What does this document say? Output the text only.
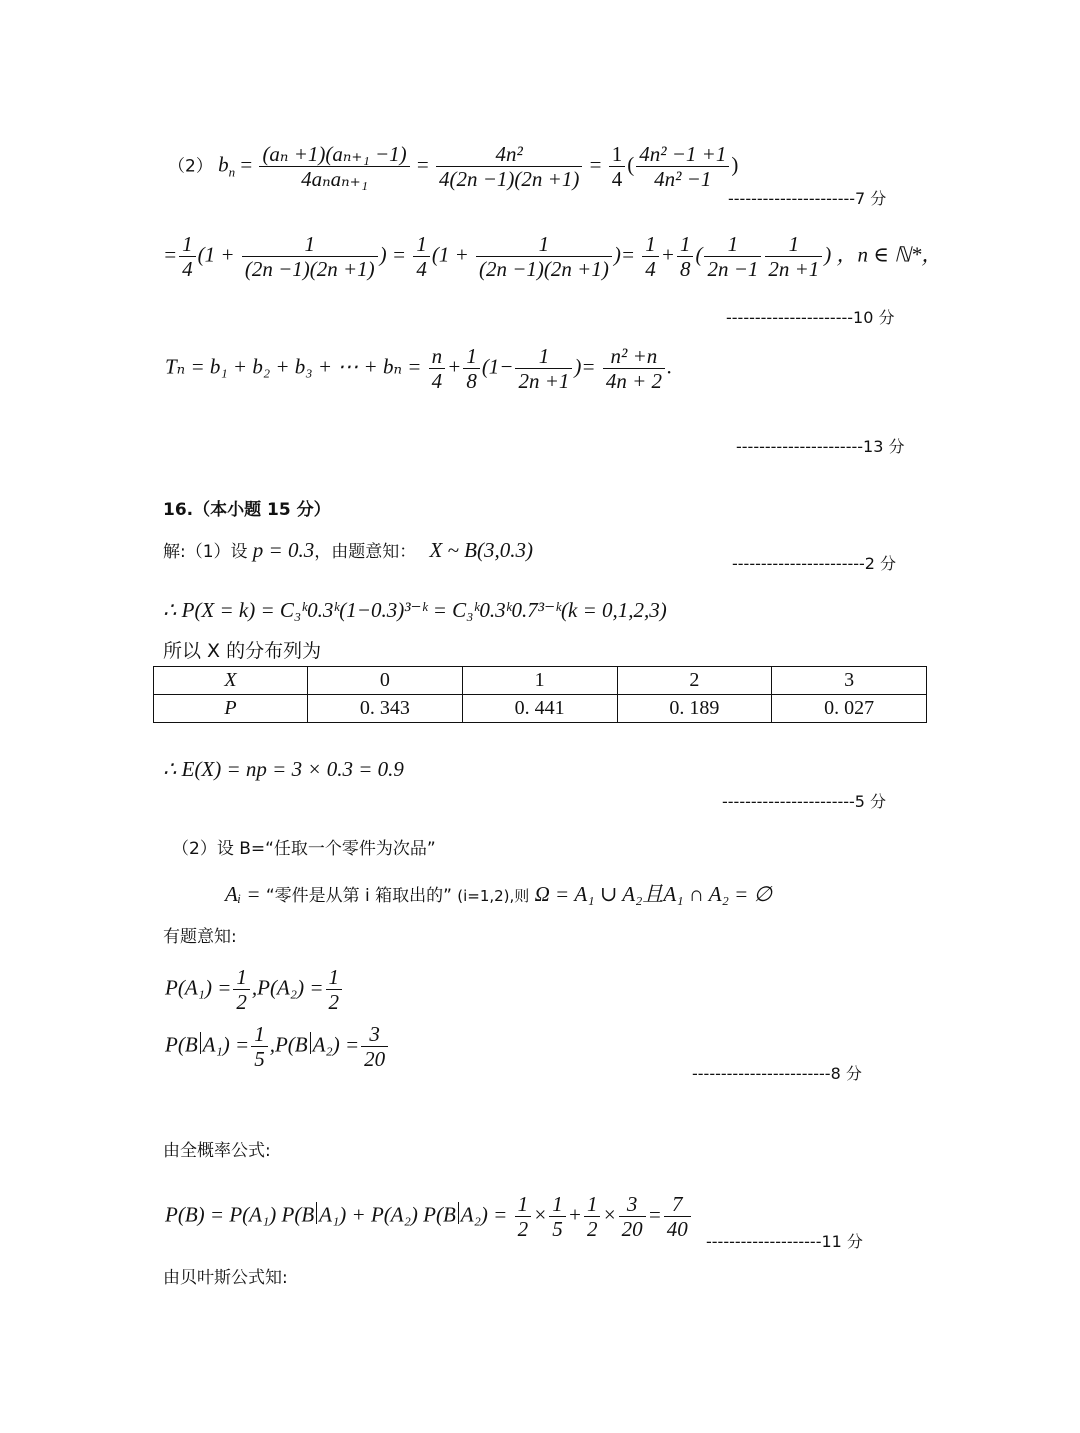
（2） $b_n = \frac{\text{(aₙ +1)(aₙ₊₁ −1)}}{\text{4aₙaₙ₊₁}} = \frac{\text{4n²}}{4(2n -1)(2n +1)} = \frac{1}{4}$ ( $\frac{\text{4n² −1 +1}}{\text{4n² −1}}$ )
----------------------7 分
= $\frac{1}{4} (1 + \frac{1}{(2n -1)(2n +1)}$ ) = $\frac{1}{4} (1 + \frac{1}{(2n -1)(2n +1)}$ )= $\frac{1}{4} + \frac{1}{8}$ ( $\frac{1}{2n -1} \frac{1}{2n +1}$ ) ，n ∈ ℕ*，
----------------------10 分
Tₙ = b₁ + b₂ + b₃ + ⋯ + $b_n = \frac{n}{4} + \frac{1}{8} (1- \frac{1}{2n +1}$ )= $\frac{\text{n² +n}}{4n + 2}$ .
----------------------13 分
16.（本小题 15 分）
解:（1）设 p = 0.3，由题意知： X ~ B(3,0.3)
-----------------------2 分
∴ P(X = k) = C₃ᵏ0.3ᵏ(1−0.3)³⁻ᵏ = C₃ᵏ0.3ᵏ0.7³⁻ᵏ(k = 0,1,2,3)
所以 X 的分布列为
X	0	1	2	3
P	0. 343	0. 441	0. 189	0. 027
∴ E(X) = np = 3 × 0.3 = 0.9
-----------------------5 分
（2）设 B=“任取一个零件为次品”
Aᵢ = “零件是从第 i 箱取出的” (i=1,2),则 Ω = A₁ ∪ A₂且A₁ ∩ A₂ = ∅
有题意知:
$P(A_1) = \frac{1}{2} ,P(A_2) = \frac{1}{2}$
P(B $A_1) = \frac{1}{5} ,P(B$ $A_2) = \frac{3}{20}$
------------------------8 分
由全概率公式:
P(B) = P(A₁) P(B A₁) + P(A₂) P(B $A_2) = \frac{1}{2} \times \frac{1}{5} + \frac{1}{2} \times \frac{3}{20} = \frac{7}{40}$
--------------------11 分
由贝叶斯公式知:
